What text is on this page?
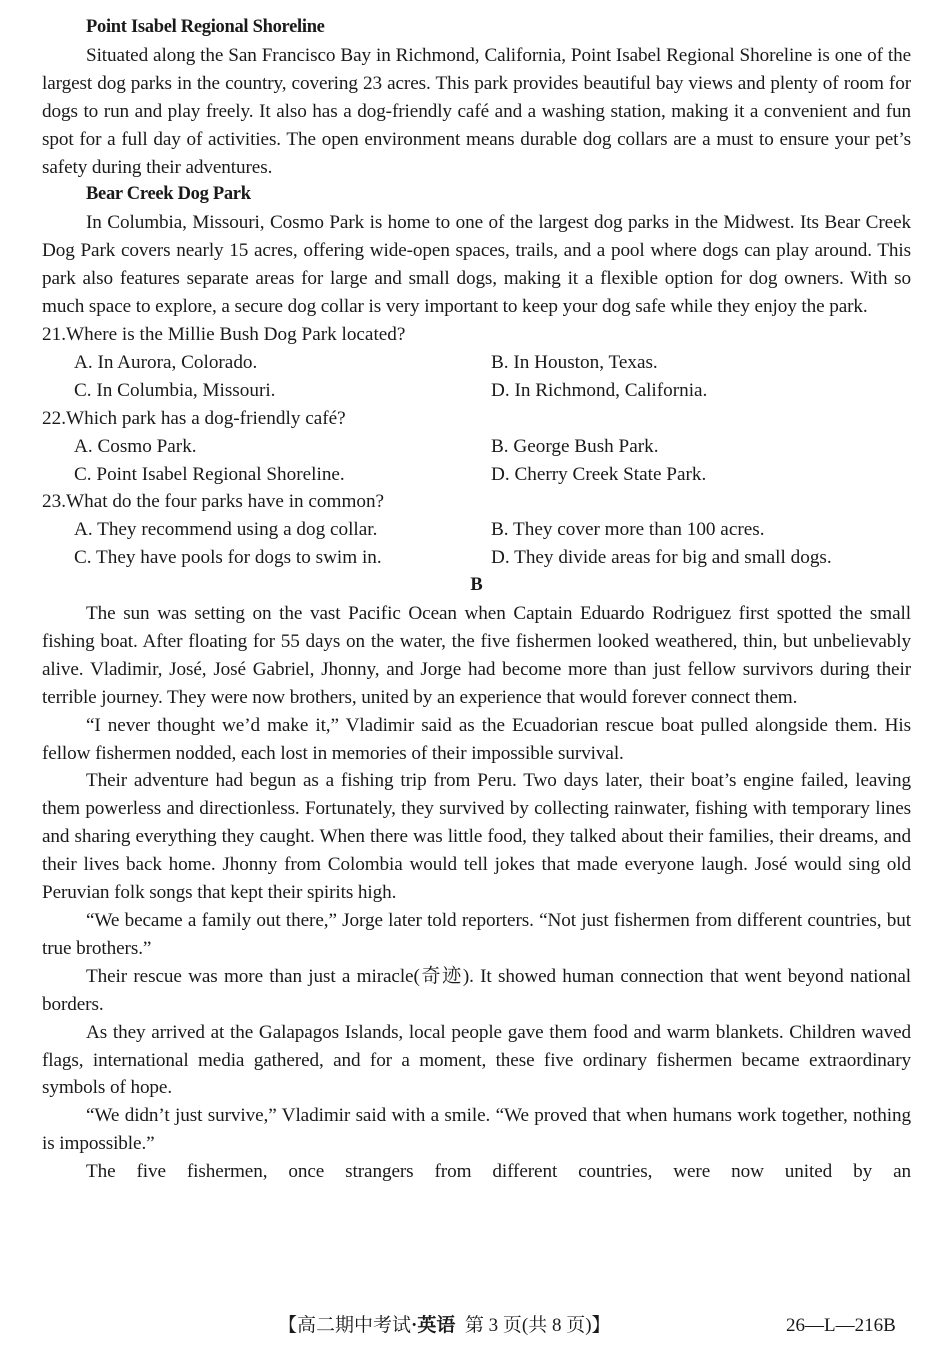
Point Isabel Regional Shoreline

Situated along the San Francisco Bay in Richmond, California, Point Isabel Regional Shoreline is one of the largest dog parks in the country, covering 23 acres. This park provides beautiful bay views and plenty of room for dogs to run and play freely. It also has a dog-friendly café and a washing station, making it a convenient and fun spot for a full day of activities. The open environment means durable dog collars are a must to ensure your pet’s safety during their adventures.

Bear Creek Dog Park

In Columbia, Missouri, Cosmo Park is home to one of the largest dog parks in the Midwest. Its Bear Creek Dog Park covers nearly 15 acres, offering wide-open spaces, trails, and a pool where dogs can play around. This park also features separate areas for large and small dogs, making it a flexible option for dog owners. With so much space to explore, a secure dog collar is very important to keep your dog safe while they enjoy the park.

21.Where is the Millie Bush Dog Park located?

A. In Aurora, Colorado.	B. In Houston, Texas.
C. In Columbia, Missouri.	D. In Richmond, California.

22.Which park has a dog-friendly café?

A. Cosmo Park.	B. George Bush Park.
C. Point Isabel Regional Shoreline.	D. Cherry Creek State Park.

23.What do the four parks have in common?

A. They recommend using a dog collar.	B. They cover more than 100 acres.
C. They have pools for dogs to swim in.	D. They divide areas for big and small dogs.

B

The sun was setting on the vast Pacific Ocean when Captain Eduardo Rodriguez first spotted the small fishing boat. After floating for 55 days on the water, the five fishermen looked weathered, thin, but unbelievably alive. Vladimir, José, José Gabriel, Jhonny, and Jorge had become more than just fellow survivors during their terrible journey. They were now brothers, united by an experience that would forever connect them.

“I never thought we’d make it,” Vladimir said as the Ecuadorian rescue boat pulled alongside them. His fellow fishermen nodded, each lost in memories of their impossible survival.

Their adventure had begun as a fishing trip from Peru. Two days later, their boat’s engine failed, leaving them powerless and directionless. Fortunately, they survived by collecting rainwater, fishing with temporary lines and sharing everything they caught. When there was little food, they talked about their families, their dreams, and their lives back home. Jhonny from Colombia would tell jokes that made everyone laugh. José would sing old Peruvian folk songs that kept their spirits high.

“We became a family out there,” Jorge later told reporters. “Not just fishermen from different countries, but true brothers.”

Their rescue was more than just a miracle(奇迹). It showed human connection that went beyond national borders.

As they arrived at the Galapagos Islands, local people gave them food and warm blankets. Children waved flags, international media gathered, and for a moment, these five ordinary fishermen became extraordinary symbols of hope.

“We didn’t just survive,” Vladimir said with a smile. “We proved that when humans work together, nothing is impossible.”

The five fishermen, once strangers from different countries, were now united by an

【高二期中考试·英语 第 3 页(共 8 页)】	26—L—216B
